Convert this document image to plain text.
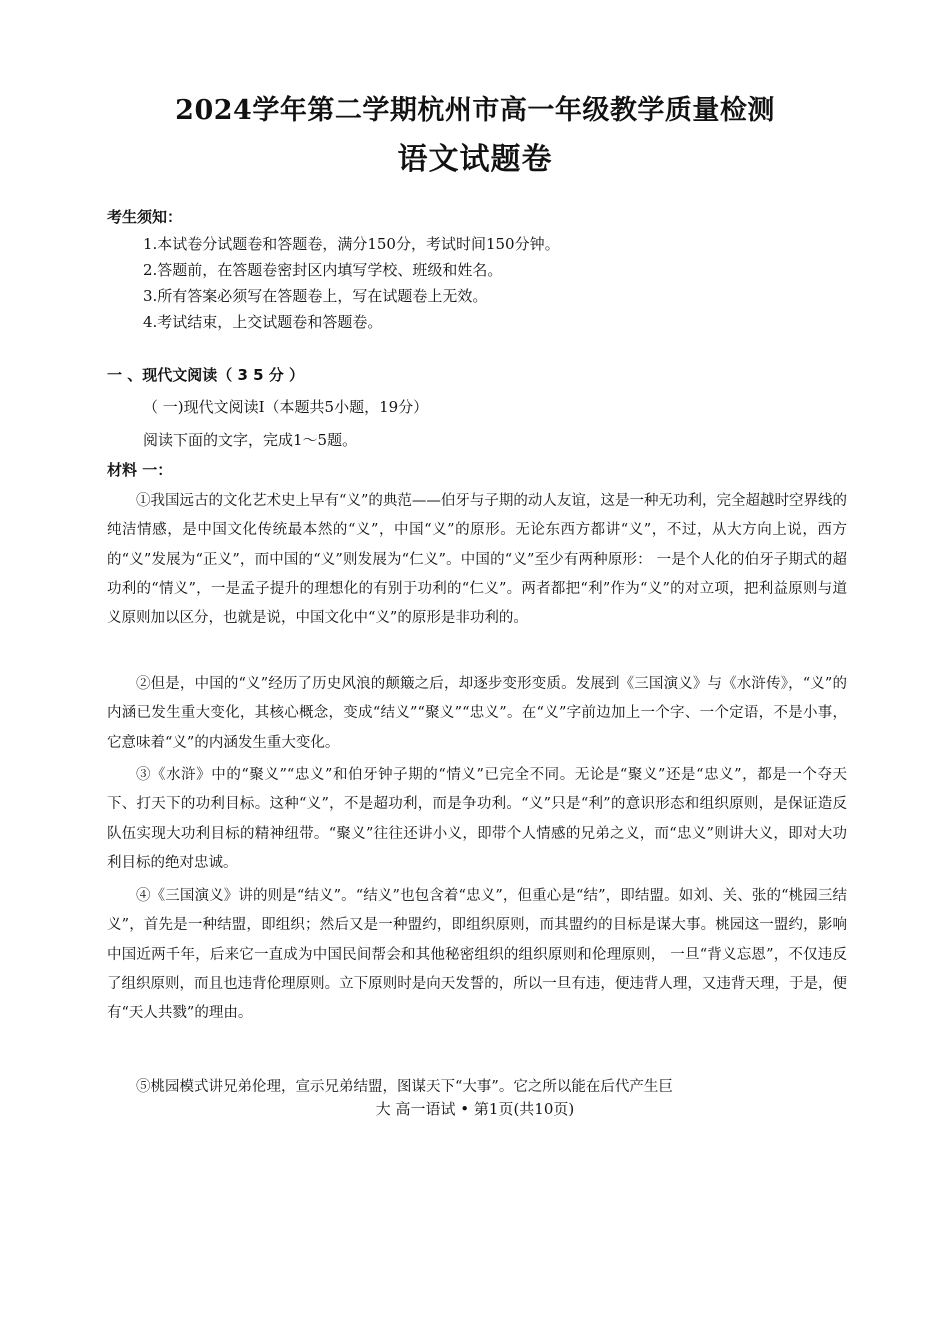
2024学年第二学期杭州市高一年级教学质量检测
语文试题卷
考生须知：
1.本试卷分试题卷和答题卷，满分150分，考试时间150分钟。
2.答题前，在答题卷密封区内填写学校、班级和姓名。
3.所有答案必须写在答题卷上，写在试题卷上无效。
4.考试结束，上交试题卷和答题卷。
一 、现代文阅读（ 3 5 分 ）
（ 一)现代文阅读Ⅰ（本题共5小题，19分）
阅读下面的文字，完成1～5题。
材料 一：

①我国远古的文化艺术史上早有“义”的典范——伯牙与子期的动人友谊，这是一种无功利，完全超越时空界线的纯洁情感，是中国文化传统最本然的“义”，中国“义”的原形。无论东西方都讲“义”，不过，从大方向上说，西方的“义”发展为“正义”，而中国的“义”则发展为“仁义”。中国的“义”至少有两种原形： 一是个人化的伯牙子期式的超功利的“情义”，一是孟子提升的理想化的有别于功利的“仁义”。两者都把“利”作为“义”的对立项，把利益原则与道义原则加以区分，也就是说，中国文化中“义”的原形是非功利的。

②但是，中国的“义”经历了历史风浪的颠簸之后，却逐步变形变质。发展到《三国演义》与《水浒传》，“义”的内涵已发生重大变化，其核心概念，变成“结义”“聚义”“忠义”。在“义”字前边加上一个字、一个定语，不是小事，它意味着“义”的内涵发生重大变化。

③《水浒》中的“聚义”“忠义”和伯牙钟子期的“情义”已完全不同。无论是“聚义”还是“忠义”，都是一个夺天下、打天下的功利目标。这种“义”，不是超功利，而是争功利。“义”只是“利”的意识形态和组织原则，是保证造反队伍实现大功利目标的精神纽带。“聚义”往往还讲小义，即带个人情感的兄弟之义，而“忠义”则讲大义，即对大功利目标的绝对忠诚。

④《三国演义》讲的则是“结义”。“结义”也包含着“忠义”，但重心是“结”，即结盟。如刘、关、张的“桃园三结义”，首先是一种结盟，即组织；然后又是一种盟约，即组织原则，而其盟约的目标是谋大事。桃园这一盟约，影响中国近两千年，后来它一直成为中国民间帮会和其他秘密组织的组织原则和伦理原则， 一旦“背义忘恩”，不仅违反了组织原则，而且也违背伦理原则。立下原则时是向天发誓的，所以一旦有违，便违背人理，又违背天理，于是，便有“天人共戮”的理由。

⑤桃园模式讲兄弟伦理，宣示兄弟结盟，图谋天下“大事”。它之所以能在后代产生巨

大 高一语试 • 第1页(共10页)
